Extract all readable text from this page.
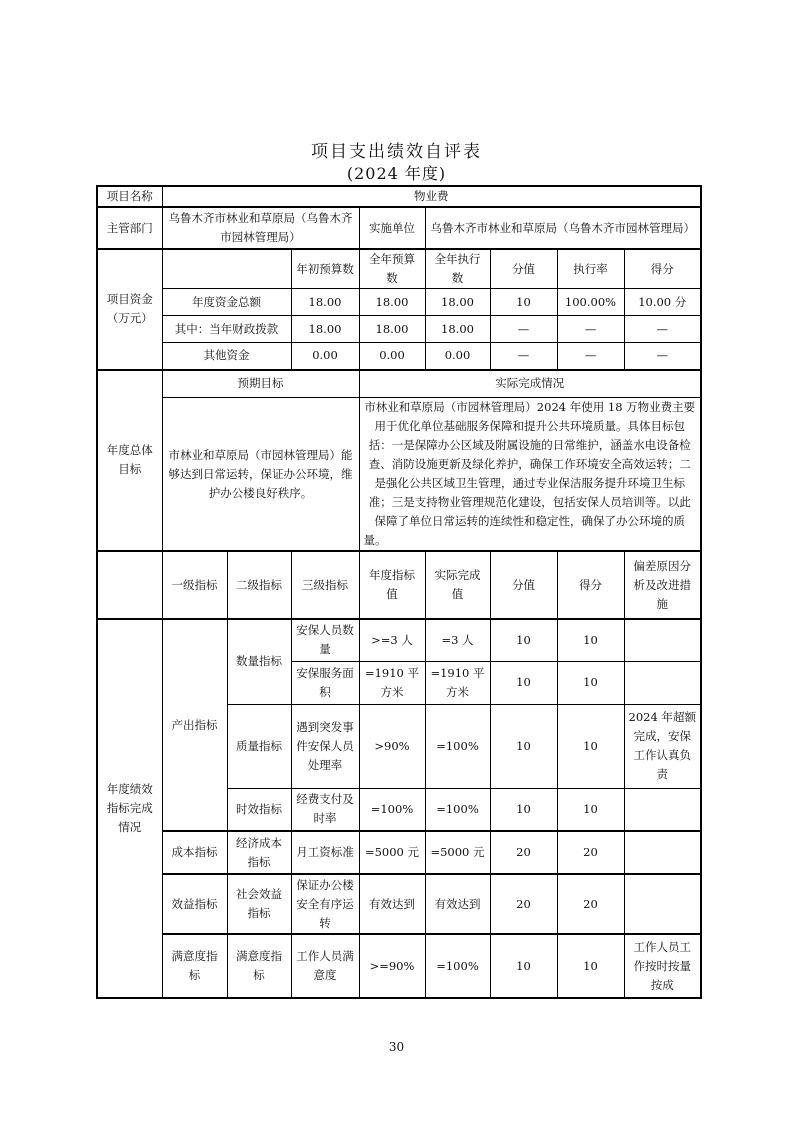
项目支出绩效自评表
(2024 年度)
项目名称	物业费							
主管部门	乌鲁木齐市林业和草原局（乌鲁木齐市园林管理局）			实施单位	乌鲁木齐市林业和草原局（乌鲁木齐市园林管理局）			
项目资金（万元）			年初预算数	全年预算数	全年执行数	分值	执行率	得分
	年度资金总额		18.00	18.00	18.00	10	100.00%	10.00 分
	其中：当年财政拨款		18.00	18.00	18.00	—	—	—
	其他资金		0.00	0.00	0.00	—	—	—
年度总体目标	预期目标			实际完成情况				
	市林业和草原局（市园林管理局）能够达到日常运转，保证办公环境，维护办公楼良好秩序。			市林业和草原局（市园林管理局）2024 年使用 18 万物业费主要用于优化单位基础服务保障和提升公共环境质量。具体目标包括：一是保障办公区域及附属设施的日常维护，涵盖水电设备检查、消防设施更新及绿化养护，确保工作环境安全高效运转；二是强化公共区域卫生管理，通过专业保洁服务提升环境卫生标准；三是支持物业管理规范化建设，包括安保人员培训等。以此保障了单位日常运转的连续性和稳定性，确保了办公环境的质量。				
	一级指标	二级指标	三级指标	年度指标值	实际完成值	分值	得分	偏差原因分析及改进措施
年度绩效指标完成情况	产出指标	数量指标	安保人员数量	>=3 人	=3 人	10	10	
			安保服务面积	=1910 平方米	=1910 平方米	10	10	
		质量指标	遇到突发事件安保人员处理率	>90%	=100%	10	10	2024 年超额完成，安保工作认真负责
		时效指标	经费支付及时率	=100%	=100%	10	10	
	成本指标	经济成本指标	月工资标准	=5000 元	=5000 元	20	20	
	效益指标	社会效益指标	保证办公楼安全有序运转	有效达到	有效达到	20	20	
	满意度指标	满意度指标	工作人员满意度	>=90%	=100%	10	10	工作人员工作按时按量按成
30
